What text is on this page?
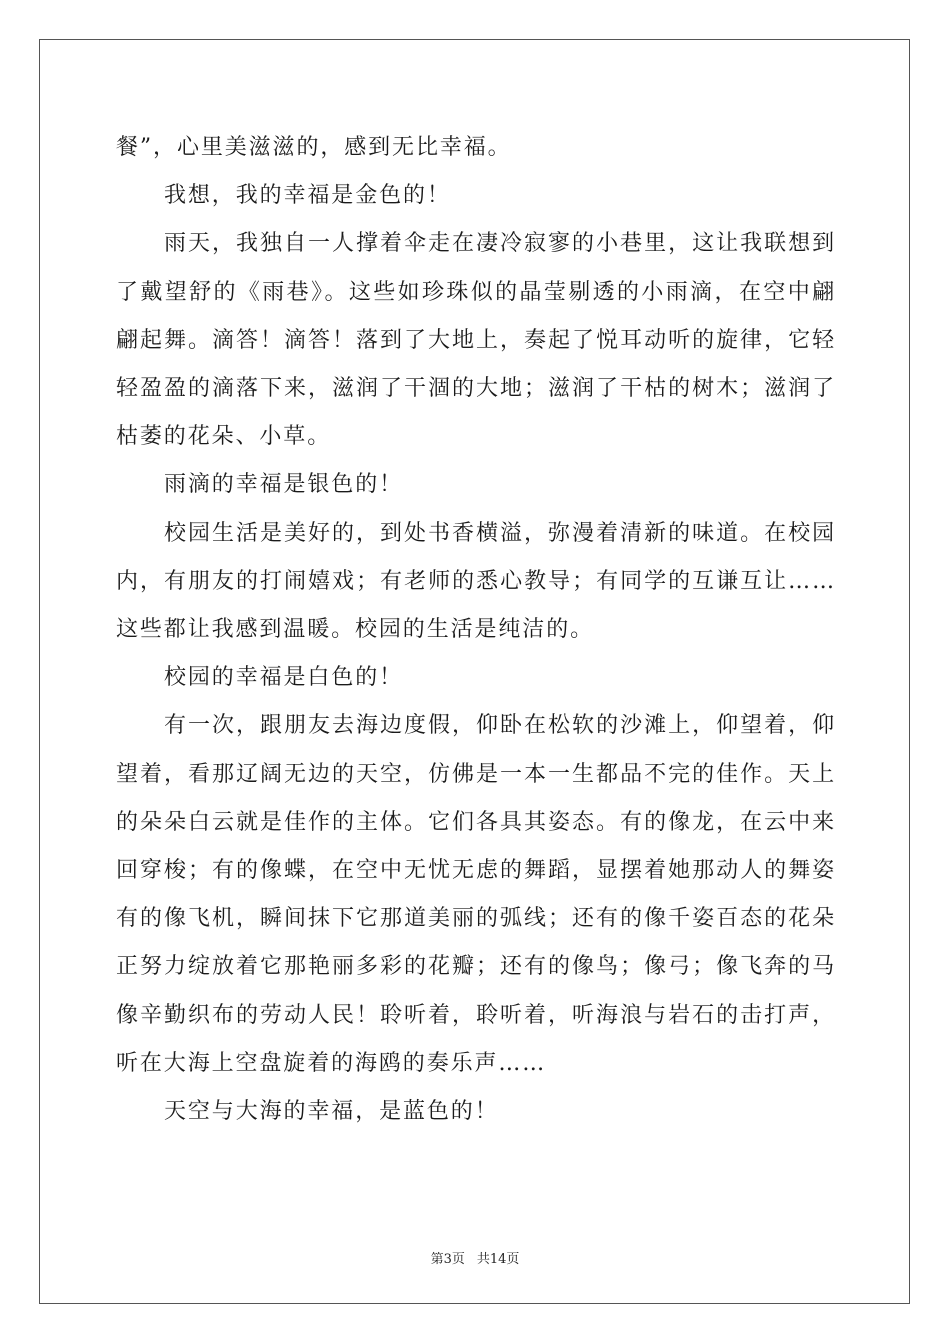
餐”，心里美滋滋的，感到无比幸福。

我想，我的幸福是金色的！

雨天，我独自一人撑着伞走在凄冷寂寥的小巷里，这让我联想到了戴望舒的《雨巷》。这些如珍珠似的晶莹剔透的小雨滴，在空中翩翩起舞。滴答！滴答！落到了大地上，奏起了悦耳动听的旋律，它轻轻盈盈的滴落下来，滋润了干涸的大地；滋润了干枯的树木；滋润了枯萎的花朵、小草。

雨滴的幸福是银色的！

校园生活是美好的，到处书香横溢，弥漫着清新的味道。在校园内，有朋友的打闹嬉戏；有老师的悉心教导；有同学的互谦互让……这些都让我感到温暖。校园的生活是纯洁的。

校园的幸福是白色的！

有一次，跟朋友去海边度假，仰卧在松软的沙滩上，仰望着，仰望着，看那辽阔无边的天空，仿佛是一本一生都品不完的佳作。天上的朵朵白云就是佳作的主体。它们各具其姿态。有的像龙，在云中来回穿梭；有的像蝶，在空中无忧无虑的舞蹈，显摆着她那动人的舞姿有的像飞机，瞬间抹下它那道美丽的弧线；还有的像千姿百态的花朵正努力绽放着它那艳丽多彩的花瓣；还有的像鸟；像弓；像飞奔的马像辛勤织布的劳动人民！聆听着，聆听着，听海浪与岩石的击打声，听在大海上空盘旋着的海鸥的奏乐声……

天空与大海的幸福，是蓝色的！

第3页 共14页
